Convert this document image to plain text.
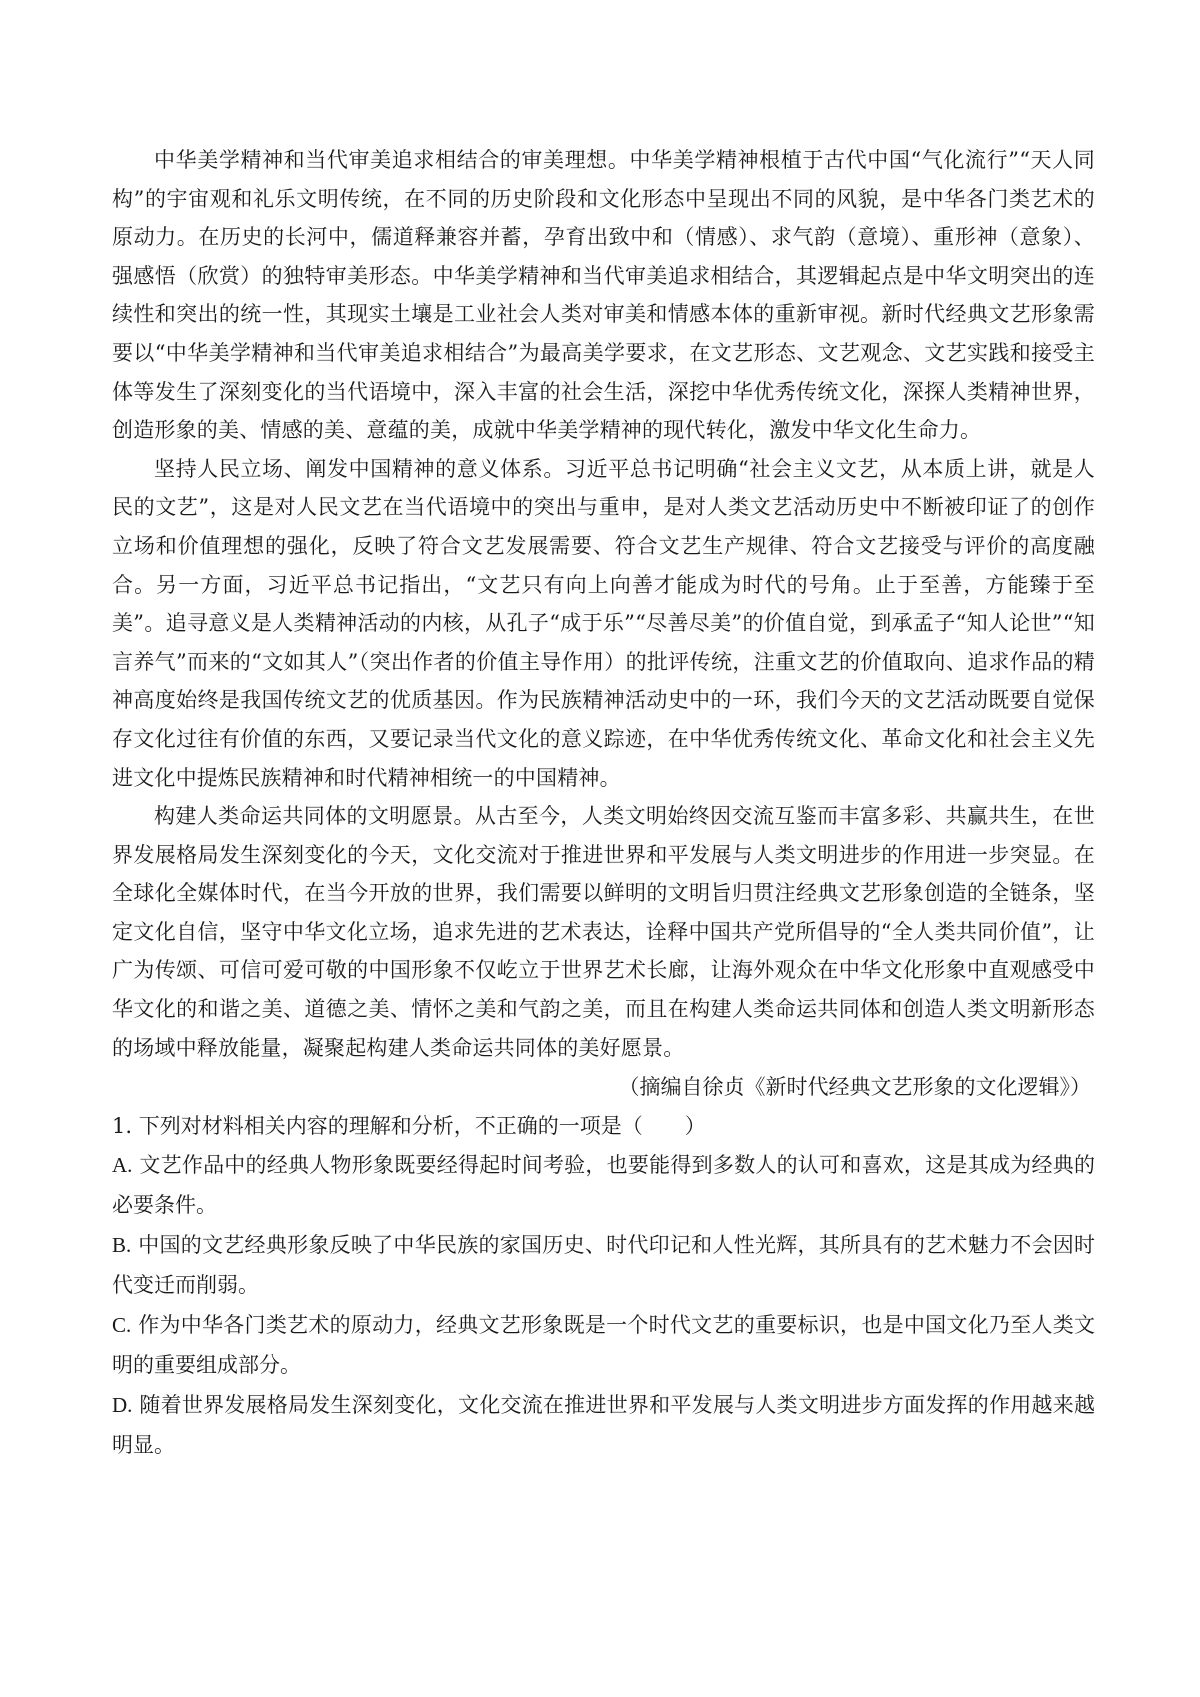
中华美学精神和当代审美追求相结合的审美理想。中华美学精神根植于古代中国“气化流行”“天人同构”的宇宙观和礼乐文明传统，在不同的历史阶段和文化形态中呈现出不同的风貌，是中华各门类艺术的原动力。在历史的长河中，儒道释兼容并蓄，孕育出致中和（情感）、求气韵（意境）、重形神（意象）、强感悟（欣赏）的独特审美形态。中华美学精神和当代审美追求相结合，其逻辑起点是中华文明突出的连续性和突出的统一性，其现实土壤是工业社会人类对审美和情感本体的重新审视。新时代经典文艺形象需要以“中华美学精神和当代审美追求相结合”为最高美学要求，在文艺形态、文艺观念、文艺实践和接受主体等发生了深刻变化的当代语境中，深入丰富的社会生活，深挖中华优秀传统文化，深探人类精神世界，创造形象的美、情感的美、意蕴的美，成就中华美学精神的现代转化，激发中华文化生命力。

坚持人民立场、阐发中国精神的意义体系。习近平总书记明确“社会主义文艺，从本质上讲，就是人民的文艺”，这是对人民文艺在当代语境中的突出与重申，是对人类文艺活动历史中不断被印证了的创作立场和价值理想的强化，反映了符合文艺发展需要、符合文艺生产规律、符合文艺接受与评价的高度融合。另一方面，习近平总书记指出，“文艺只有向上向善才能成为时代的号角。止于至善，方能臻于至美”。追寻意义是人类精神活动的内核，从孔子“成于乐”“尽善尽美”的价值自觉，到承孟子“知人论世”“知言养气”而来的“文如其人”（突出作者的价值主导作用）的批评传统，注重文艺的价值取向、追求作品的精神高度始终是我国传统文艺的优质基因。作为民族精神活动史中的一环，我们今天的文艺活动既要自觉保存文化过往有价值的东西，又要记录当代文化的意义踪迹，在中华优秀传统文化、革命文化和社会主义先进文化中提炼民族精神和时代精神相统一的中国精神。

构建人类命运共同体的文明愿景。从古至今，人类文明始终因交流互鉴而丰富多彩、共赢共生，在世界发展格局发生深刻变化的今天，文化交流对于推进世界和平发展与人类文明进步的作用进一步突显。在全球化全媒体时代，在当今开放的世界，我们需要以鲜明的文明旨归贯注经典文艺形象创造的全链条，坚定文化自信，坚守中华文化立场，追求先进的艺术表达，诠释中国共产党所倡导的“全人类共同价值”，让广为传颂、可信可爱可敬的中国形象不仅屹立于世界艺术长廊，让海外观众在中华文化形象中直观感受中华文化的和谐之美、道德之美、情怀之美和气韵之美，而且在构建人类命运共同体和创造人类文明新形态的场域中释放能量，凝聚起构建人类命运共同体的美好愿景。

（摘编自徐贞《新时代经典文艺形象的文化逻辑》）

1. 下列对材料相关内容的理解和分析，不正确的一项是（　　）

A. 文艺作品中的经典人物形象既要经得起时间考验，也要能得到多数人的认可和喜欢，这是其成为经典的必要条件。

B. 中国的文艺经典形象反映了中华民族的家国历史、时代印记和人性光辉，其所具有的艺术魅力不会因时代变迁而削弱。

C. 作为中华各门类艺术的原动力，经典文艺形象既是一个时代文艺的重要标识，也是中国文化乃至人类文明的重要组成部分。

D. 随着世界发展格局发生深刻变化，文化交流在推进世界和平发展与人类文明进步方面发挥的作用越来越明显。
